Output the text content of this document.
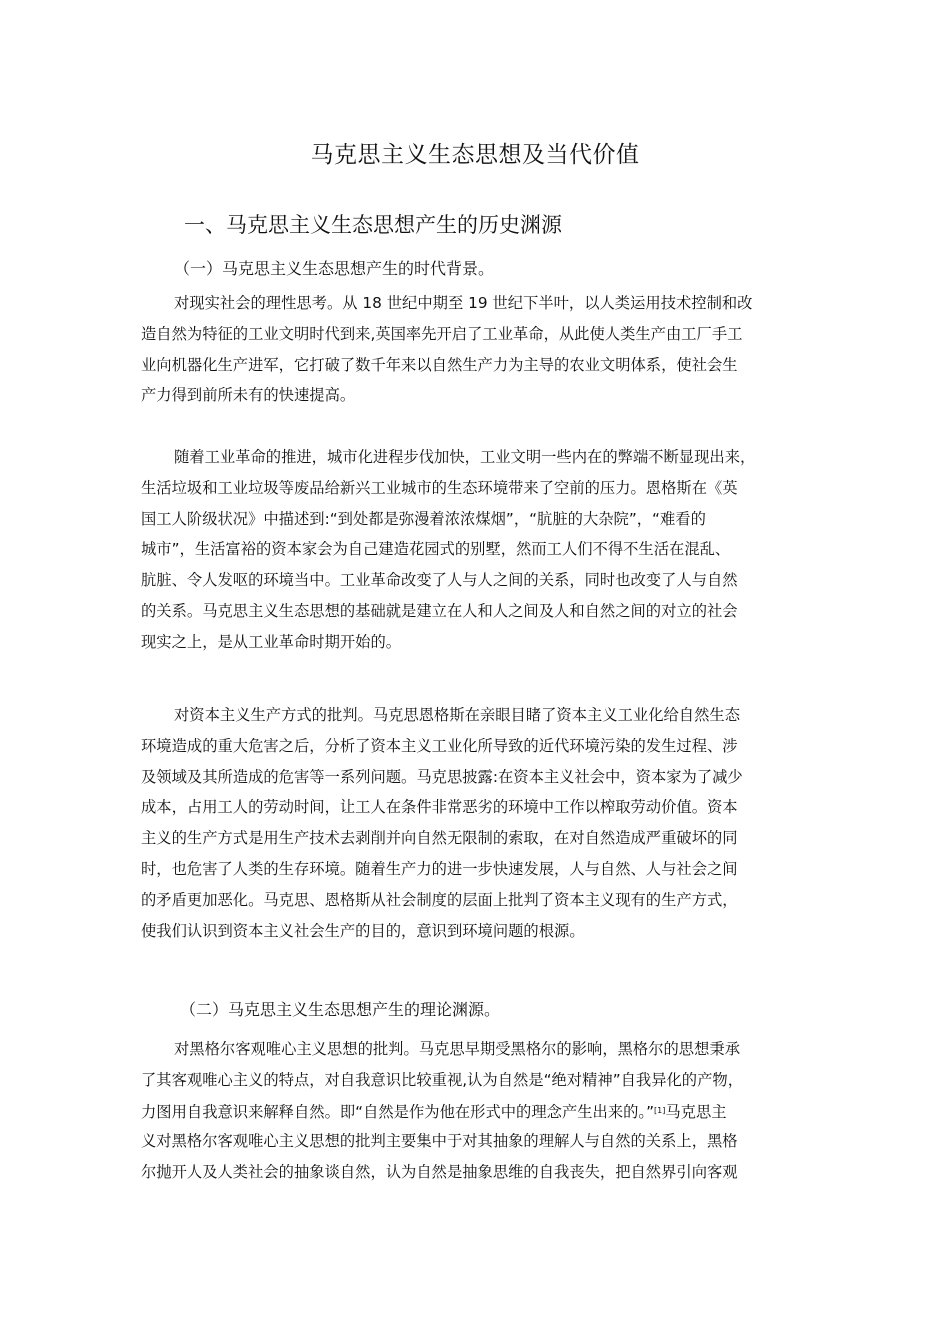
马克思主义生态思想及当代价值
一、马克思主义生态思想产生的历史渊源
（一）马克思主义生态思想产生的时代背景。
对现实社会的理性思考。从 18 世纪中期至 19 世纪下半叶，以人类运用技术控制和改
造自然为特征的工业文明时代到来,英国率先开启了工业革命，从此使人类生产由工厂手工
业向机器化生产进军，它打破了数千年来以自然生产力为主导的农业文明体系，使社会生
产力得到前所未有的快速提高。
随着工业革命的推进，城市化进程步伐加快，工业文明一些内在的弊端不断显现出来，
生活垃圾和工业垃圾等废品给新兴工业城市的生态环境带来了空前的压力。恩格斯在《英
国工人阶级状况》中描述到:“到处都是弥漫着浓浓煤烟”，“肮脏的大杂院”，“难看的
城市”，生活富裕的资本家会为自己建造花园式的别墅，然而工人们不得不生活在混乱、
肮脏、令人发呕的环境当中。工业革命改变了人与人之间的关系，同时也改变了人与自然
的关系。马克思主义生态思想的基础就是建立在人和人之间及人和自然之间的对立的社会
现实之上，是从工业革命时期开始的。
对资本主义生产方式的批判。马克思恩格斯在亲眼目睹了资本主义工业化给自然生态
环境造成的重大危害之后，分析了资本主义工业化所导致的近代环境污染的发生过程、涉
及领域及其所造成的危害等一系列问题。马克思披露:在资本主义社会中，资本家为了减少
成本，占用工人的劳动时间，让工人在条件非常恶劣的环境中工作以榨取劳动价值。资本
主义的生产方式是用生产技术去剥削并向自然无限制的索取，在对自然造成严重破坏的同
时，也危害了人类的生存环境。随着生产力的进一步快速发展，人与自然、人与社会之间
的矛盾更加恶化。马克思、恩格斯从社会制度的层面上批判了资本主义现有的生产方式，
使我们认识到资本主义社会生产的目的，意识到环境问题的根源。
（二）马克思主义生态思想产生的理论渊源。
对黑格尔客观唯心主义思想的批判。马克思早期受黑格尔的影响，黑格尔的思想秉承
了其客观唯心主义的特点，对自我意识比较重视,认为自然是“绝对精神”自我异化的产物，
力图用自我意识来解释自然。即“自然是作为他在形式中的理念产生出来的。”[1]马克思主
义对黑格尔客观唯心主义思想的批判主要集中于对其抽象的理解人与自然的关系上，黑格
尔抛开人及人类社会的抽象谈自然，认为自然是抽象思维的自我丧失，把自然界引向客观
